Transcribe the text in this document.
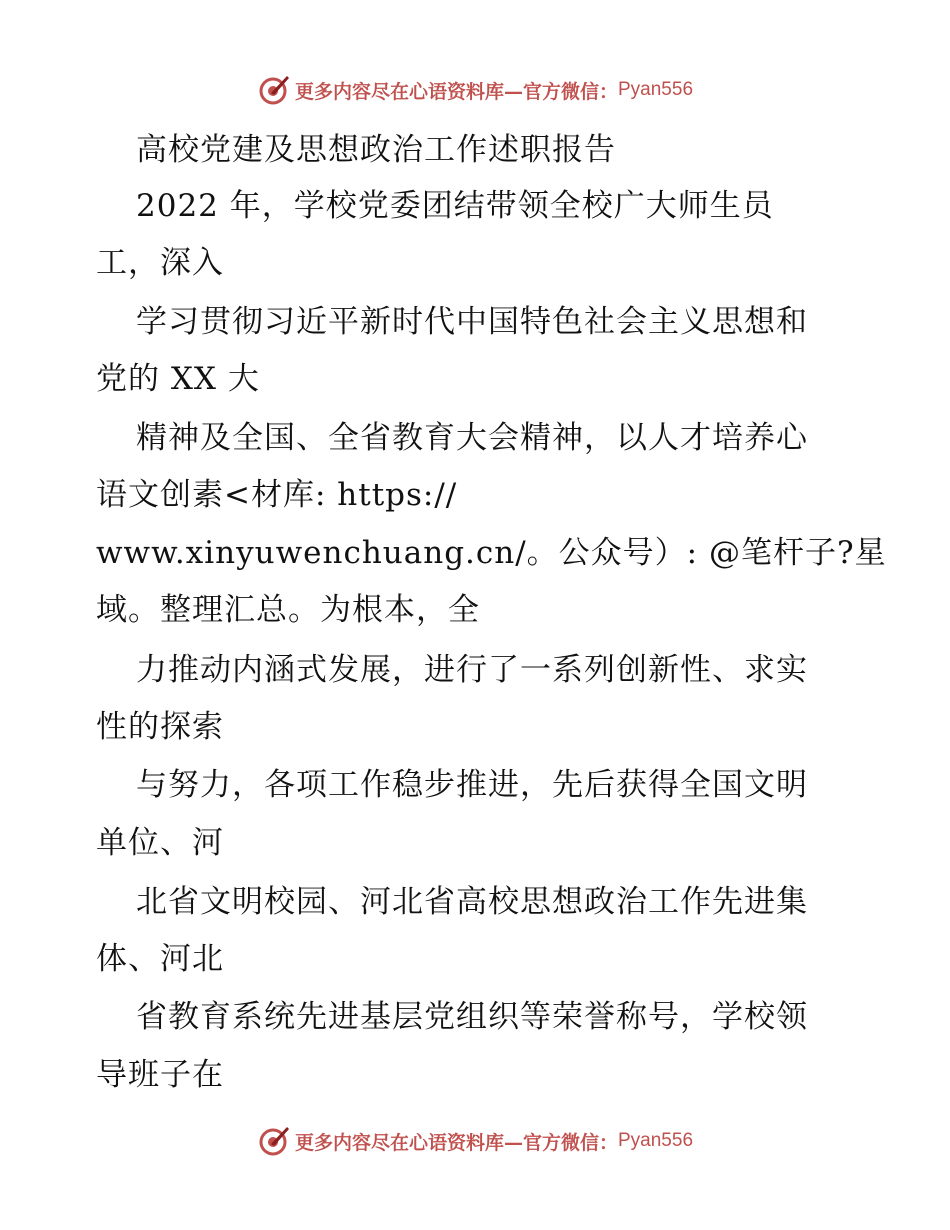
更多内容尽在心语资料库—官方微信： Pyan556
高校党建及思想政治工作述职报告
2022 年，学校党委团结带领全校广大师生员
工，深入
学习贯彻习近平新时代中国特色社会主义思想和
党的 XX 大
精神及全国、全省教育大会精神，以人才培养心
语文创素<材库: https://
www.xinyuwenchuang.cn/。公众号）: @笔杆子?星
域。整理汇总。为根本，全
力推动内涵式发展，进行了一系列创新性、求实
性的探索
与努力，各项工作稳步推进，先后获得全国文明
单位、河
北省文明校园、河北省高校思想政治工作先进集
体、河北
省教育系统先进基层党组织等荣誉称号，学校领
导班子在
更多内容尽在心语资料库—官方微信： Pyan556
